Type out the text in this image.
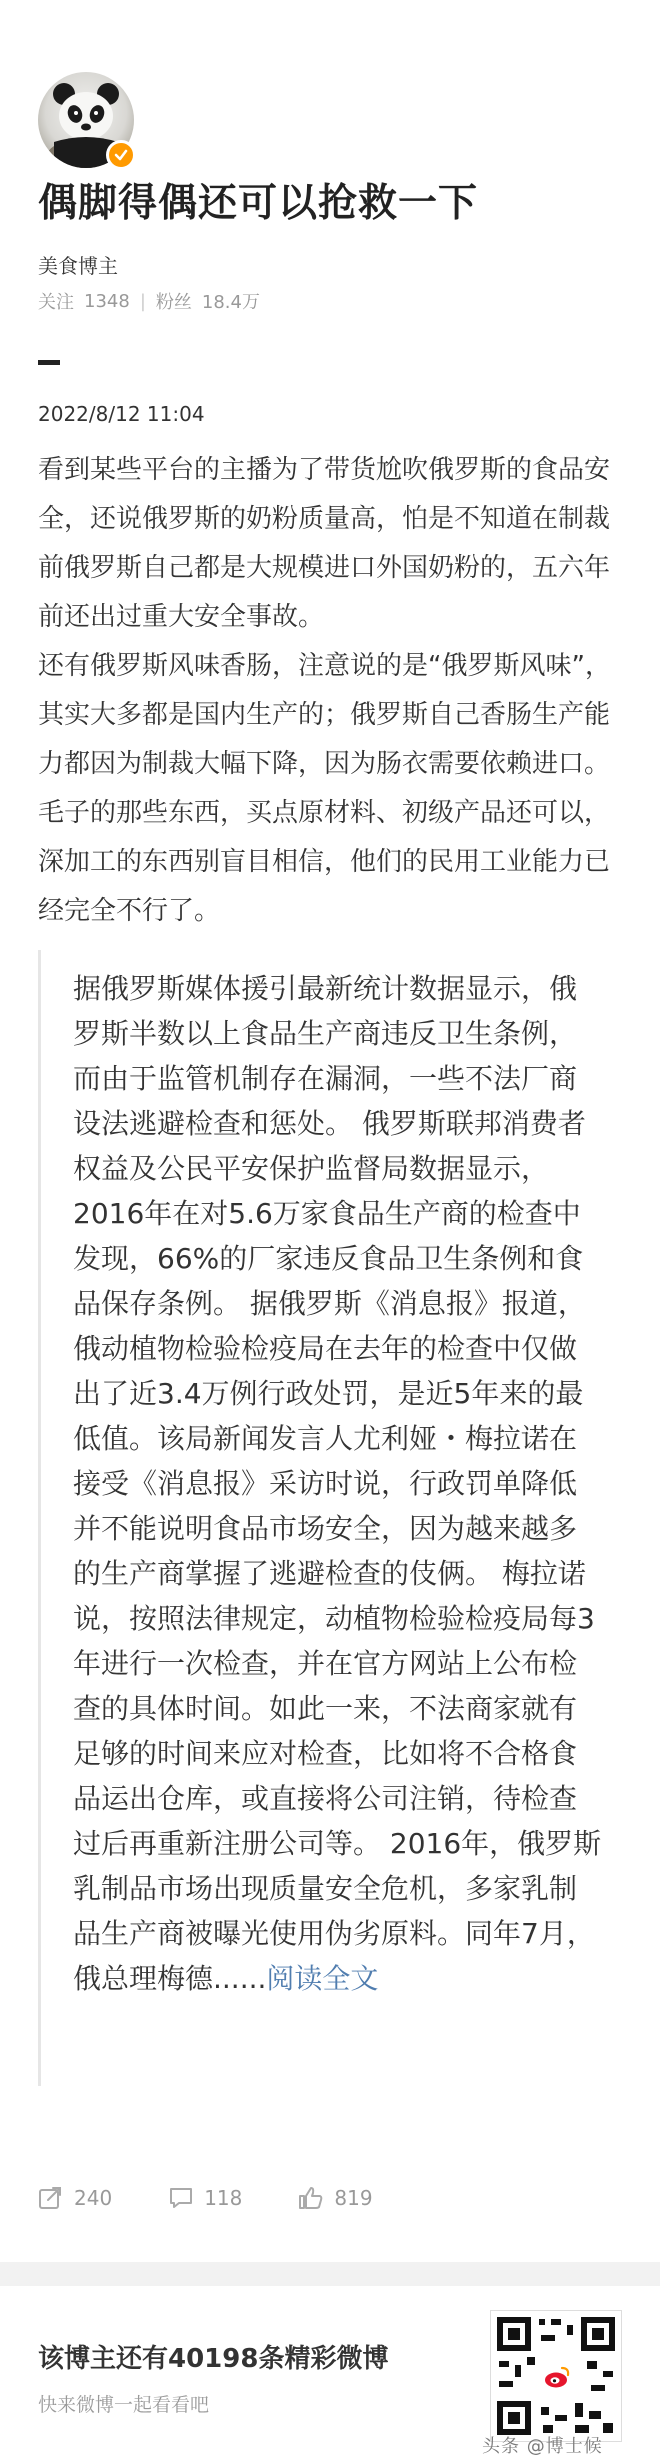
偶脚得偶还可以抢救一下
美食博主
关注 1348 | 粉丝 18.4万
2022/8/12 11:04

看到某些平台的主播为了带货尬吹俄罗斯的食品安全，还说俄罗斯的奶粉质量高，怕是不知道在制裁前俄罗斯自己都是大规模进口外国奶粉的，五六年前还出过重大安全事故。

还有俄罗斯风味香肠，注意说的是“俄罗斯风味”，其实大多都是国内生产的；俄罗斯自己香肠生产能力都因为制裁大幅下降，因为肠衣需要依赖进口。

毛子的那些东西，买点原材料、初级产品还可以，深加工的东西别盲目相信，他们的民用工业能力已经完全不行了。

据俄罗斯媒体援引最新统计数据显示，俄罗斯半数以上食品生产商违反卫生条例，而由于监管机制存在漏洞，一些不法厂商设法逃避检查和惩处。 俄罗斯联邦消费者权益及公民平安保护监督局数据显示，2016年在对5.6万家食品生产商的检查中发现，66%的厂家违反食品卫生条例和食品保存条例。 据俄罗斯《消息报》报道，俄动植物检验检疫局在去年的检查中仅做出了近3.4万例行政处罚，是近5年来的最低值。该局新闻发言人尤利娅・梅拉诺在接受《消息报》采访时说，行政罚单降低并不能说明食品市场安全，因为越来越多的生产商掌握了逃避检查的伎俩。 梅拉诺说，按照法律规定，动植物检验检疫局每3年进行一次检查，并在官方网站上公布检查的具体时间。如此一来，不法商家就有足够的时间来应对检查，比如将不合格食品运出仓库，或直接将公司注销，待检查过后再重新注册公司等。 2016年，俄罗斯乳制品市场出现质量安全危机，多家乳制品生产商被曝光使用伪劣原料。同年7月，俄总理梅德......阅读全文
240	118	819
该博主还有40198条精彩微博
快来微博一起看看吧
头条 @博士候
